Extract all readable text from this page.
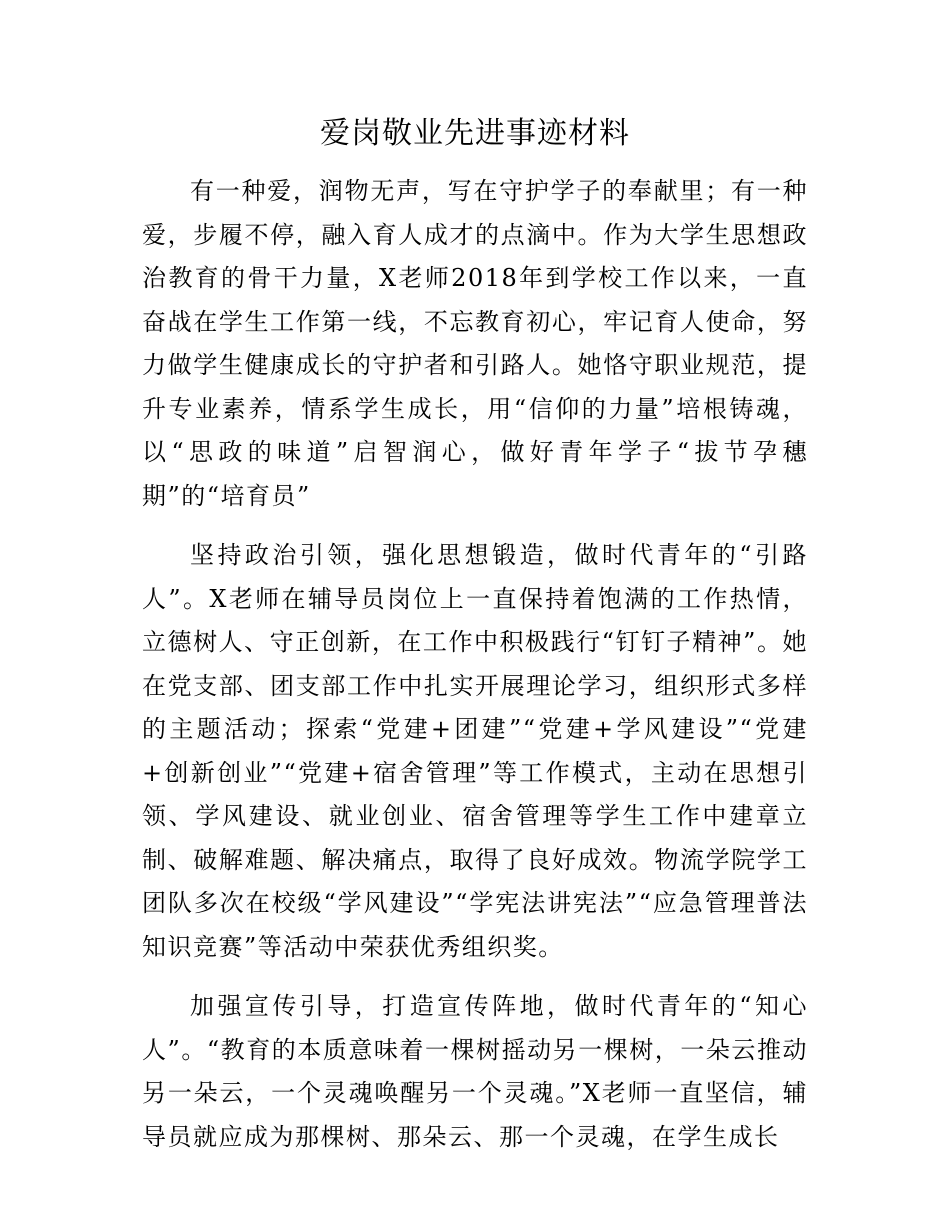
爱岗敬业先进事迹材料

有一种爱，润物无声，写在守护学子的奉献里；有一种爱，步履不停，融入育人成才的点滴中。作为大学生思想政治教育的骨干力量，X老师2018年到学校工作以来，一直奋战在学生工作第一线，不忘教育初心，牢记育人使命，努力做学生健康成长的守护者和引路人。她恪守职业规范，提升专业素养，情系学生成长，用“信仰的力量”培根铸魂，以“思政的味道”启智润心，做好青年学子“拔节孕穗期”的“培育员”

坚持政治引领，强化思想锻造，做时代青年的“引路人”。X老师在辅导员岗位上一直保持着饱满的工作热情，立德树人、守正创新，在工作中积极践行“钉钉子精神”。她在党支部、团支部工作中扎实开展理论学习，组织形式多样的主题活动；探索“党建+团建”“党建+学风建设”“党建+创新创业”“党建+宿舍管理”等工作模式，主动在思想引领、学风建设、就业创业、宿舍管理等学生工作中建章立制、破解难题、解决痛点，取得了良好成效。物流学院学工团队多次在校级“学风建设”“学宪法讲宪法”“应急管理普法知识竞赛”等活动中荣获优秀组织奖。

加强宣传引导，打造宣传阵地，做时代青年的“知心人”。“教育的本质意味着一棵树摇动另一棵树，一朵云推动另一朵云，一个灵魂唤醒另一个灵魂。”X老师一直坚信，辅导员就应成为那棵树、那朵云、那一个灵魂，在学生成长
